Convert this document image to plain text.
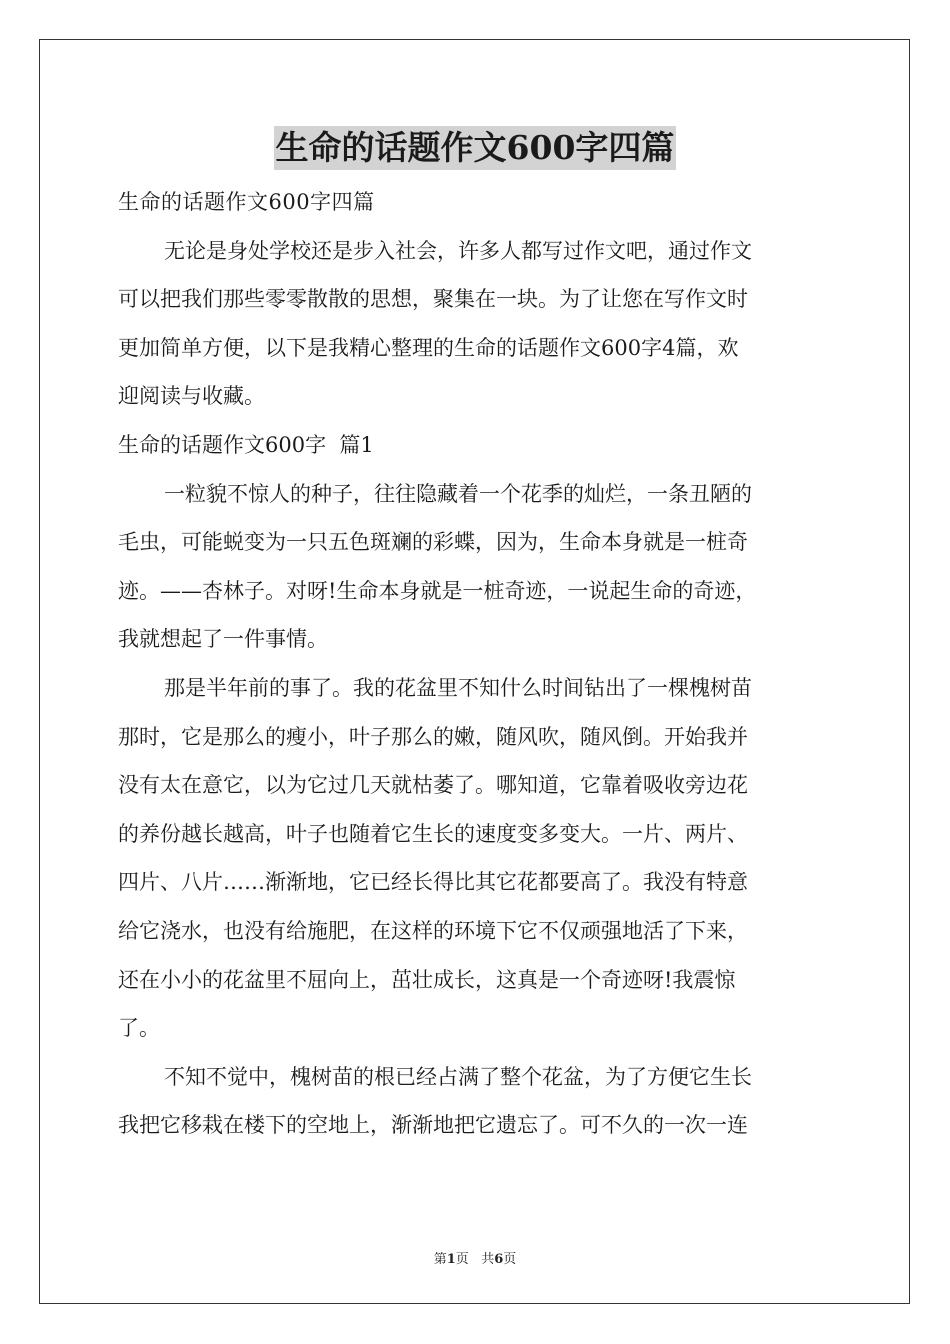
生命的话题作文600字四篇
生命的话题作文600字四篇
无论是身处学校还是步入社会，许多人都写过作文吧，通过作文
可以把我们那些零零散散的思想，聚集在一块。为了让您在写作文时
更加简单方便，以下是我精心整理的生命的话题作文600字4篇，欢
迎阅读与收藏。
生命的话题作文600字  篇1
一粒貌不惊人的种子，往往隐藏着一个花季的灿烂，一条丑陋的
毛虫，可能蜕变为一只五色斑斓的彩蝶，因为，生命本身就是一桩奇
迹。——杏林子。对呀!生命本身就是一桩奇迹，一说起生命的奇迹，
我就想起了一件事情。
那是半年前的事了。我的花盆里不知什么时间钻出了一棵槐树苗
那时，它是那么的瘦小，叶子那么的嫩，随风吹，随风倒。开始我并
没有太在意它，以为它过几天就枯萎了。哪知道，它靠着吸收旁边花
的养份越长越高，叶子也随着它生长的速度变多变大。一片、两片、
四片、八片……渐渐地，它已经长得比其它花都要高了。我没有特意
给它浇水，也没有给施肥，在这样的环境下它不仅顽强地活了下来，
还在小小的花盆里不屈向上，茁壮成长，这真是一个奇迹呀!我震惊
了。
不知不觉中，槐树苗的根已经占满了整个花盆，为了方便它生长
我把它移栽在楼下的空地上，渐渐地把它遗忘了。可不久的一次一连
第1页   共6页
